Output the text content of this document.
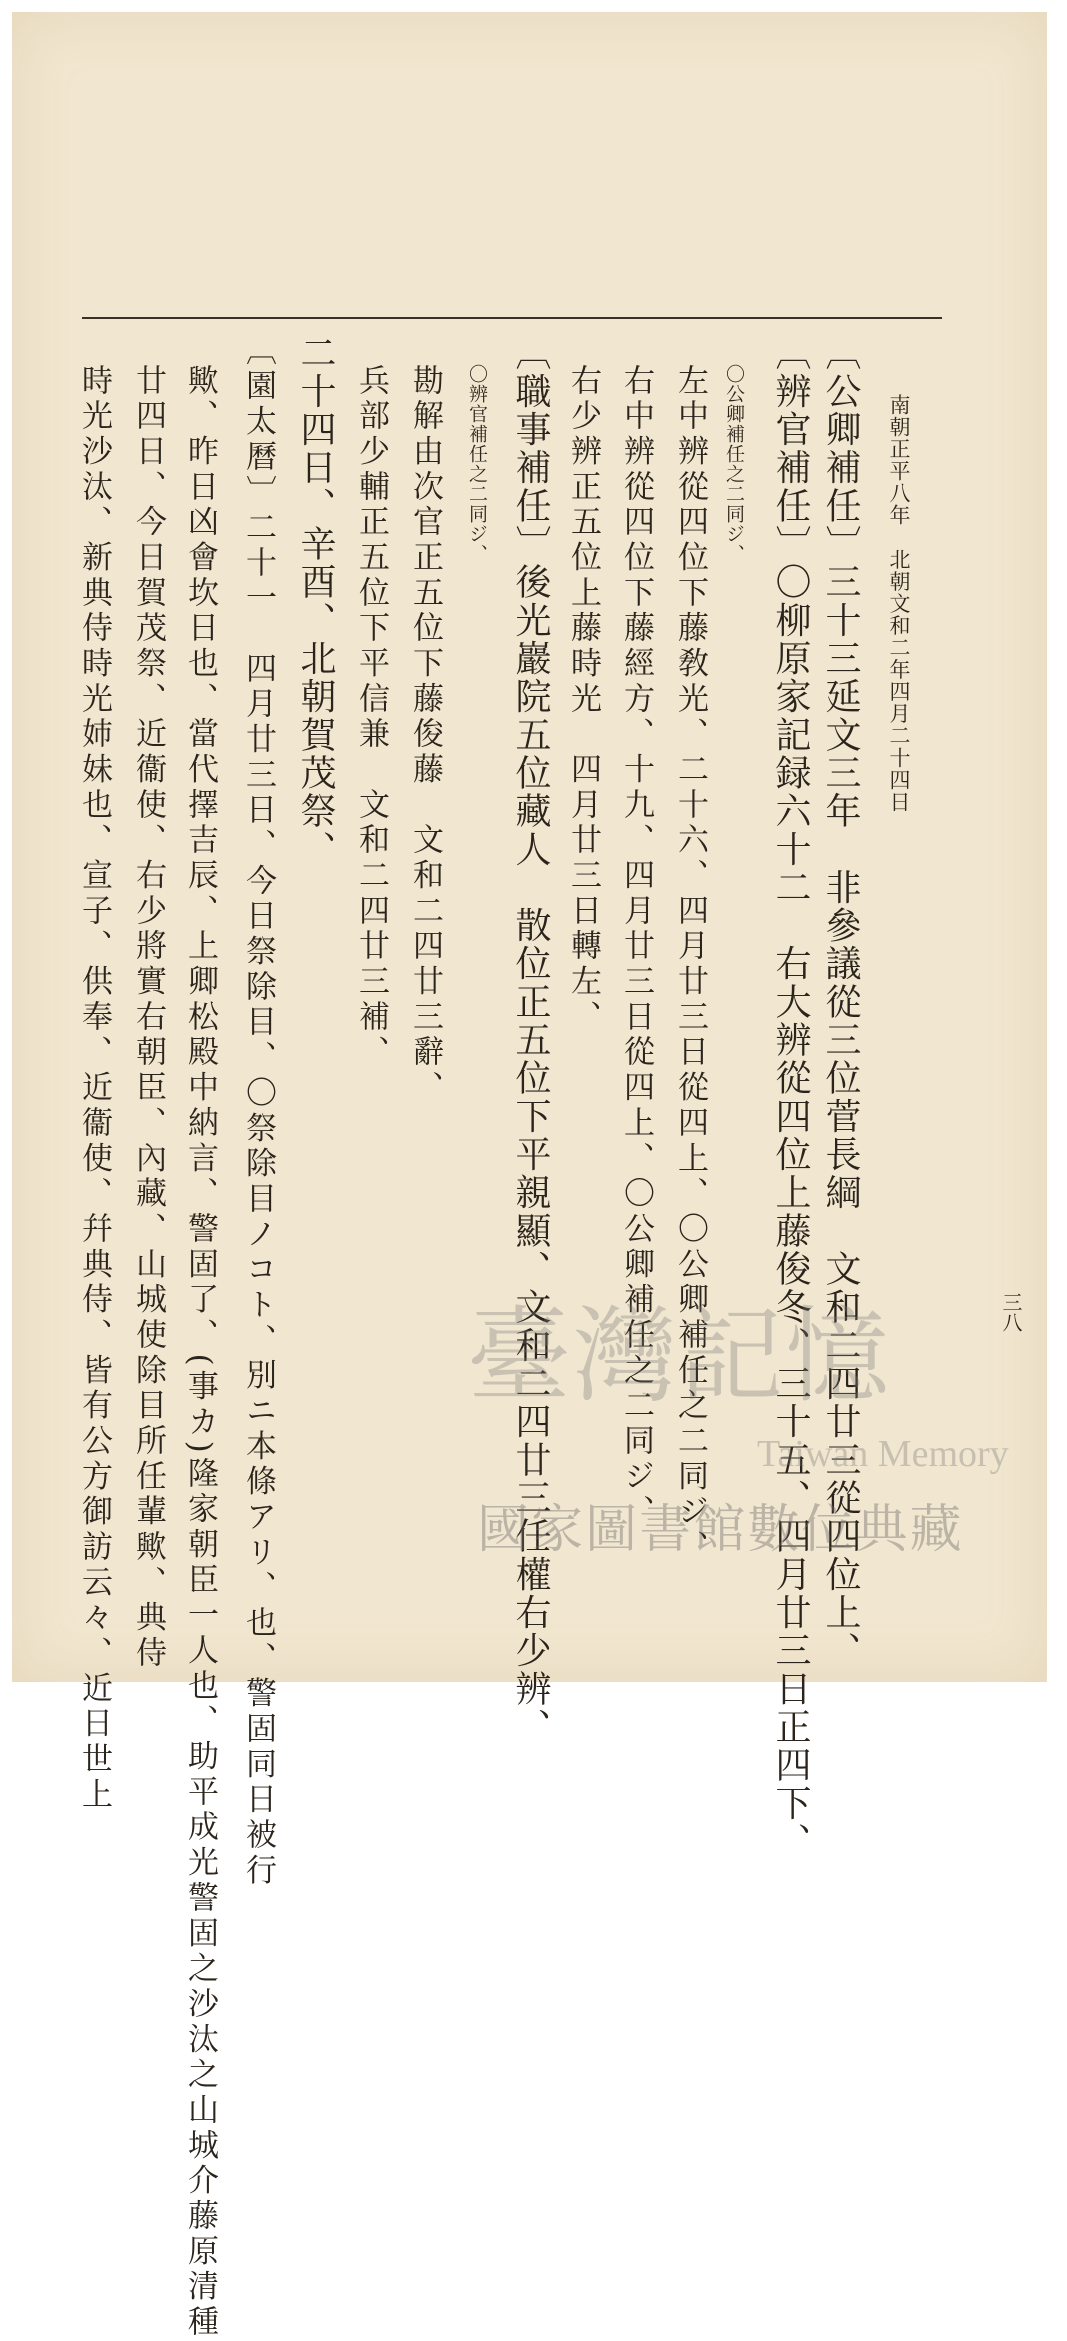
南朝正平八年　北朝文和二年四月二十四日
三八
〔公卿補任〕三十三延文三年　非參議從三位菅長綱　文和二四廿三從四位上、
〔辨官補任〕〇柳原家記録六十二　右大辨從四位上藤俊冬、三十五、四月廿三日正四下、
〇公卿補任之二同ジ、
左中辨從四位下藤敎光、二十六、四月廿三日從四上、〇公卿補任之二同ジ、
右中辨從四位下藤經方、十九、四月廿三日從四上、〇公卿補任之二同ジ、
右少辨正五位上藤時光　四月廿三日轉左、
〔職事補任〕後光巖院五位藏人　散位正五位下平親顯、文和二四廿三任權右少辨、
〇辨官補任之二同ジ、
勘解由次官正五位下藤俊藤　文和二四廿三辭、
兵部少輔正五位下平信兼　文和二四廿三補、
二十四日、辛酉、北朝賀茂祭、
〔園太曆〕二十一　四月廿三日、今日祭除目、〇祭除目ノコト、別ニ本條アリ、也、警固同日被行
歟、昨日凶會坎日也、當代擇吉辰、上卿松殿中納言、警固了、(事カ)隆家朝臣一人也、助平成光警固之沙汰之山城介藤原清種
廿四日、今日賀茂祭、近衞使、右少將實右朝臣、內藏、山城使除目所任輩歟、典侍
時光沙汰、新典侍時光姉妹也、宣子、供奉、近衞使、幷典侍、皆有公方御訪云々、近日世上	臺灣記憶
Taiwan Memory
國家圖書館數位典藏
